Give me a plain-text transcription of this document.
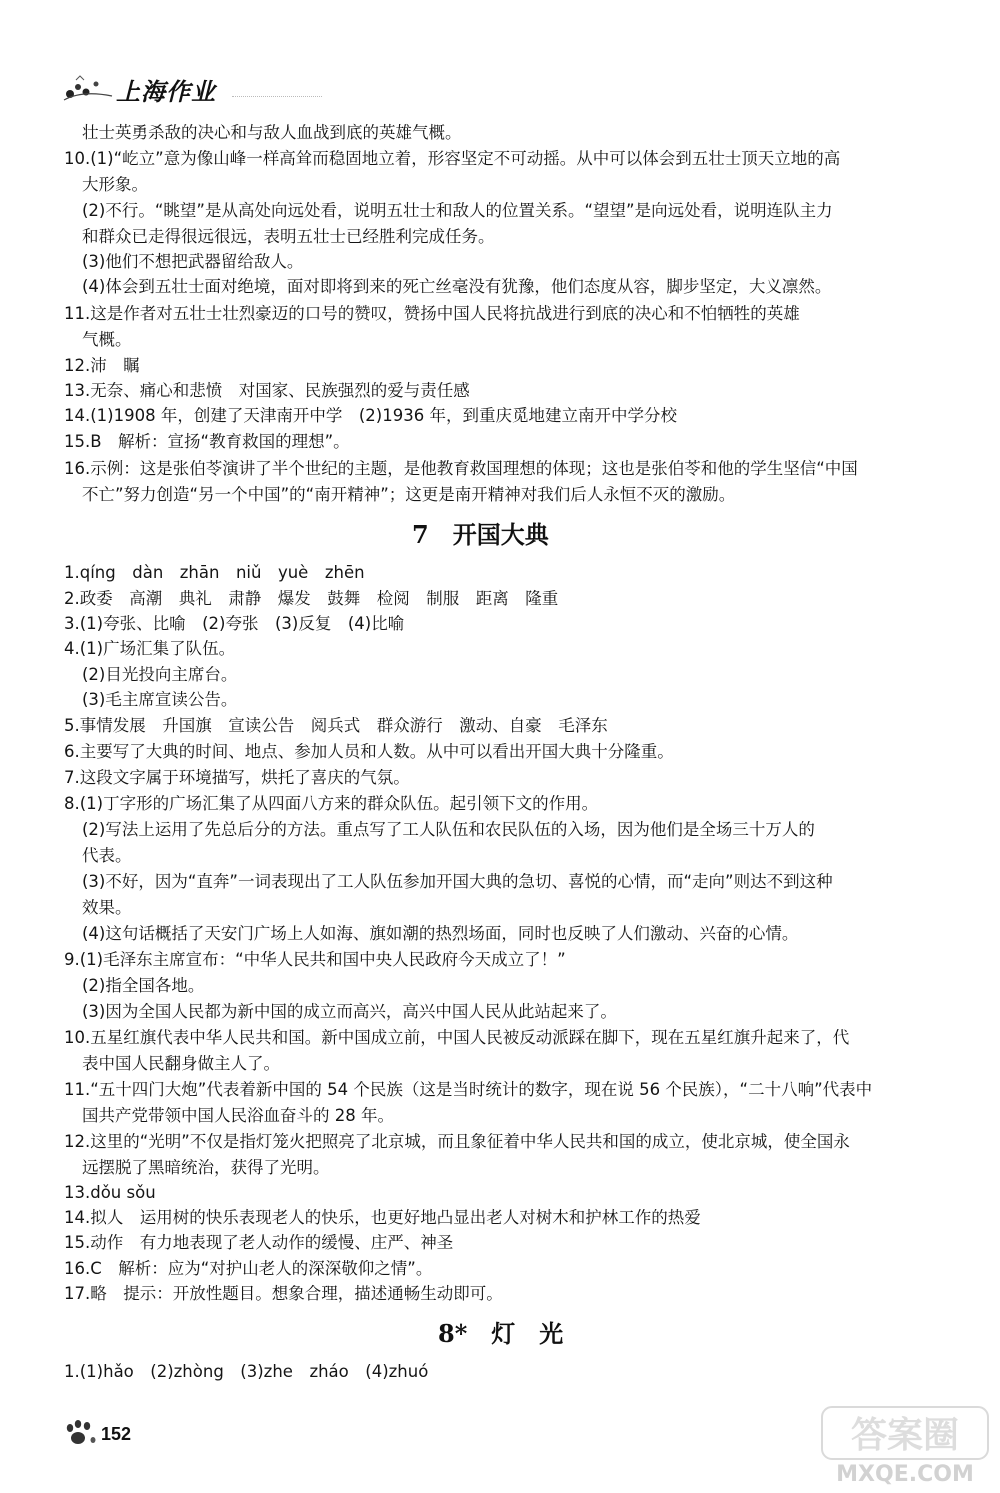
上海作业
壮士英勇杀敌的决心和与敌人血战到底的英雄气概。
10.(1)“屹立”意为像山峰一样高耸而稳固地立着，形容坚定不可动摇。从中可以体会到五壮士顶天立地的高
大形象。
(2)不行。“眺望”是从高处向远处看，说明五壮士和敌人的位置关系。“望望”是向远处看，说明连队主力
和群众已走得很远很远，表明五壮士已经胜利完成任务。
(3)他们不想把武器留给敌人。
(4)体会到五壮士面对绝境，面对即将到来的死亡丝毫没有犹豫，他们态度从容，脚步坚定，大义凛然。
11.这是作者对五壮士壮烈豪迈的口号的赞叹，赞扬中国人民将抗战进行到底的决心和不怕牺牲的英雄
气概。
12.沛　瞩
13.无奈、痛心和悲愤　对国家、民族强烈的爱与责任感
14.(1)1908 年，创建了天津南开中学　(2)1936 年，到重庆觅地建立南开中学分校
15.B　解析：宣扬“教育救国的理想”。
16.示例：这是张伯苓演讲了半个世纪的主题，是他教育救国理想的体现；这也是张伯苓和他的学生坚信“中国
不亡”努力创造“另一个中国”的“南开精神”；这更是南开精神对我们后人永恒不灭的激励。
7　开国大典
1.qíng　dàn　zhān　niǔ　yuè　zhēn
2.政委　高潮　典礼　肃静　爆发　鼓舞　检阅　制服　距离　隆重
3.(1)夸张、比喻　(2)夸张　(3)反复　(4)比喻
4.(1)广场汇集了队伍。
(2)目光投向主席台。
(3)毛主席宣读公告。
5.事情发展　升国旗　宣读公告　阅兵式　群众游行　激动、自豪　毛泽东
6.主要写了大典的时间、地点、参加人员和人数。从中可以看出开国大典十分隆重。
7.这段文字属于环境描写，烘托了喜庆的气氛。
8.(1)丁字形的广场汇集了从四面八方来的群众队伍。起引领下文的作用。
(2)写法上运用了先总后分的方法。重点写了工人队伍和农民队伍的入场，因为他们是全场三十万人的
代表。
(3)不好，因为“直奔”一词表现出了工人队伍参加开国大典的急切、喜悦的心情，而“走向”则达不到这种
效果。
(4)这句话概括了天安门广场上人如海、旗如潮的热烈场面，同时也反映了人们激动、兴奋的心情。
9.(1)毛泽东主席宣布：“中华人民共和国中央人民政府今天成立了！”
(2)指全国各地。
(3)因为全国人民都为新中国的成立而高兴，高兴中国人民从此站起来了。
10.五星红旗代表中华人民共和国。新中国成立前，中国人民被反动派踩在脚下，现在五星红旗升起来了，代
表中国人民翻身做主人了。
11.“五十四门大炮”代表着新中国的 54 个民族（这是当时统计的数字，现在说 56 个民族），“二十八响”代表中
国共产党带领中国人民浴血奋斗的 28 年。
12.这里的“光明”不仅是指灯笼火把照亮了北京城，而且象征着中华人民共和国的成立，使北京城，使全国永
远摆脱了黑暗统治，获得了光明。
13.dǒu sǒu
14.拟人　运用树的快乐表现老人的快乐，也更好地凸显出老人对树木和护林工作的热爱
15.动作　有力地表现了老人动作的缓慢、庄严、神圣
16.C　解析：应为“对护山老人的深深敬仰之情”。
17.略　提示：开放性题目。想象合理，描述通畅生动即可。
8*　灯　光
1.(1)hǎo　(2)zhòng　(3)zhe　zháo　(4)zhuó
152	答案圈
MXQE.COM
